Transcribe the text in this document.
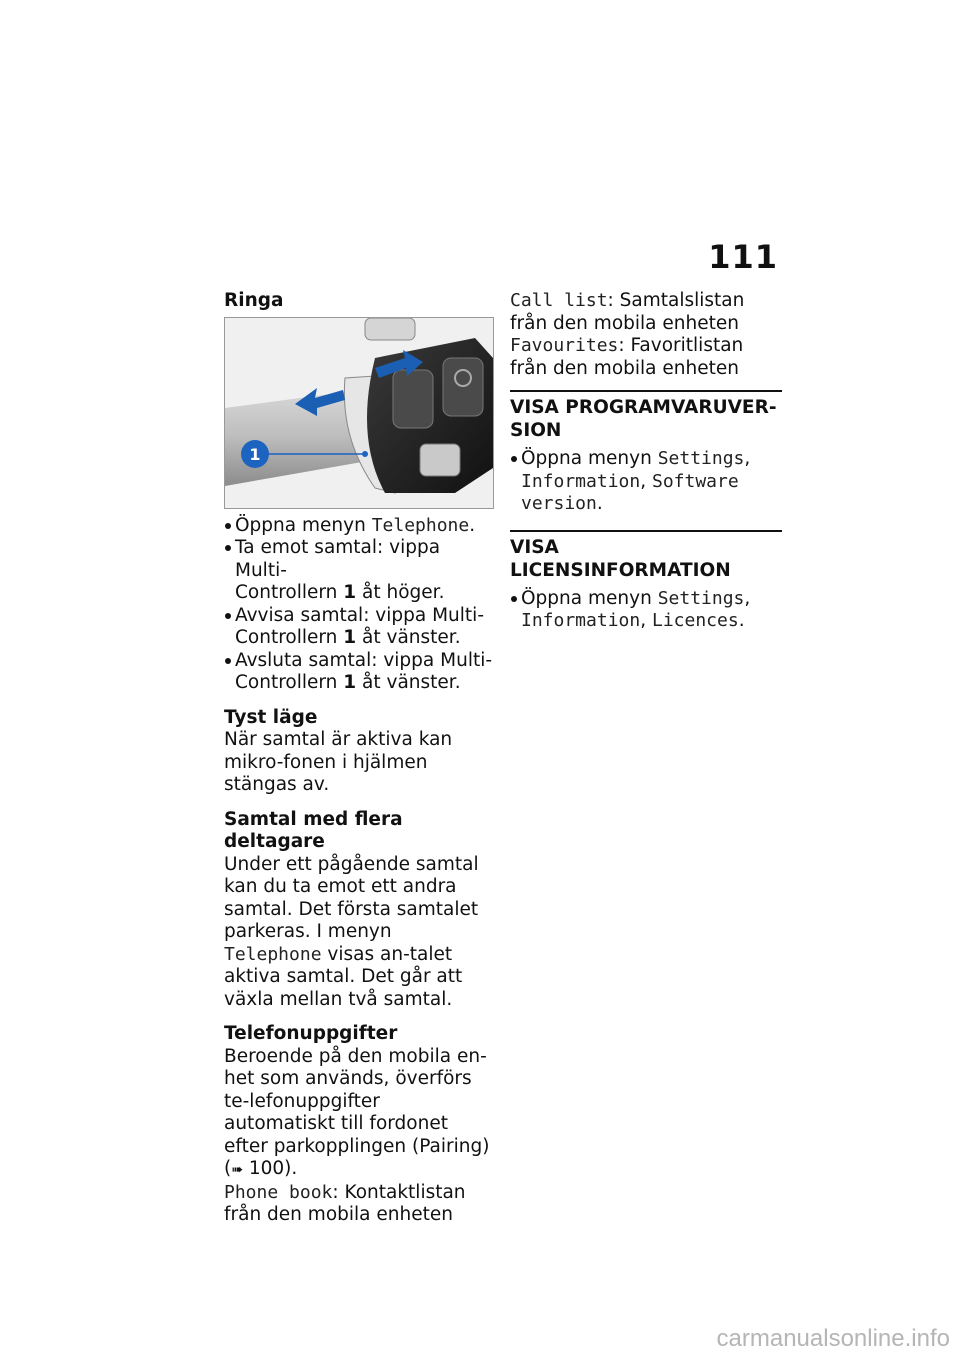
111
Ringa
1
Öppna menyn Telephone.
Ta emot samtal: vippa Multi-
Controllern 1 åt höger.
Avvisa samtal: vippa Multi-
Controllern 1 åt vänster.
Avsluta samtal: vippa Multi-
Controllern 1 åt vänster.
Tyst läge

När samtal är aktiva kan mikro-fonen i hjälmen stängas av.

Samtal med flera deltagare

Under ett pågående samtal kan du ta emot ett andra samtal. Det första samtalet parkeras. I menyn Telephone visas an-talet aktiva samtal. Det går att växla mellan två samtal.

Telefonuppgifter

Beroende på den mobila en-het som används, överförs te-lefonuppgifter automatiskt till fordonet efter parkopplingen (Pairing) (➠ 100).

Phone book: Kontaktlistan från den mobila enheten

Call list: Samtalslistan från den mobila enheten

Favourites: Favoritlistan från den mobila enheten

VISA PROGRAMVARUVER-SION
Öppna menyn Settings,
Information, Software version.
VISA LICENSINFORMATION
Öppna menyn Settings,
Information, Licences.
carmanualsonline.info
